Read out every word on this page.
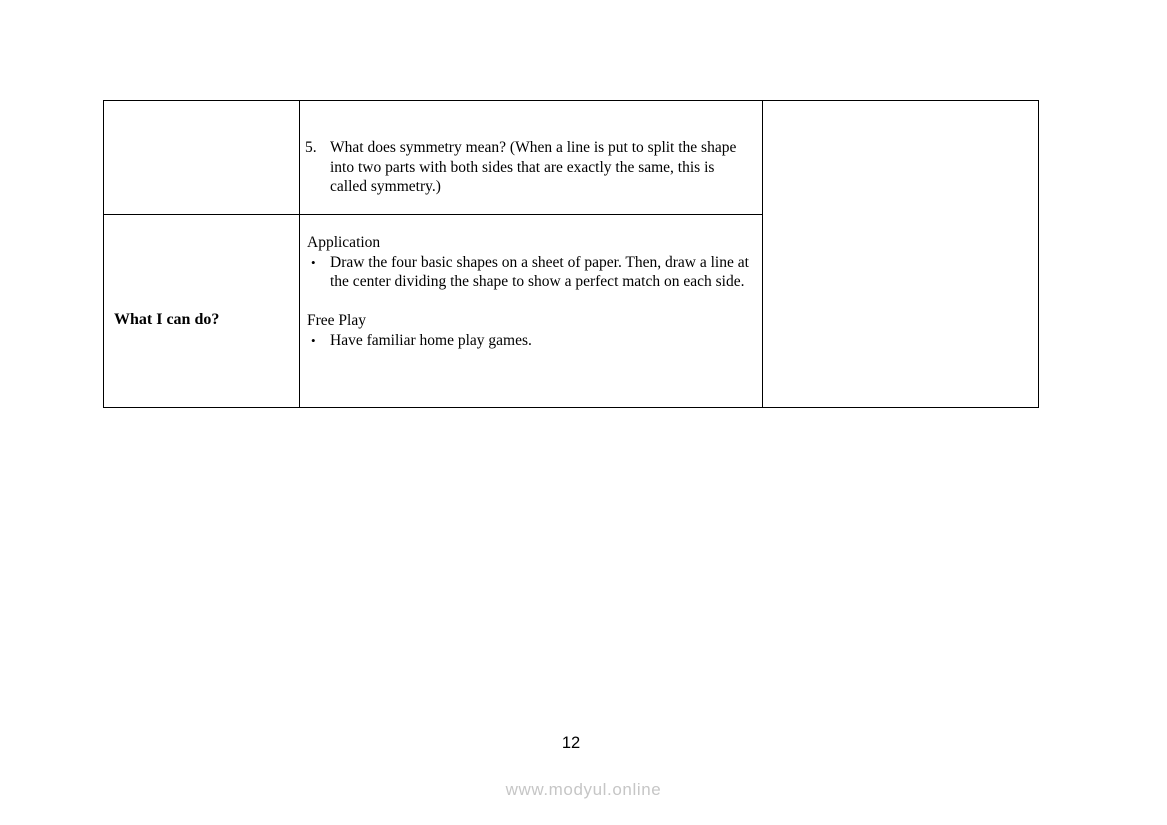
5. What does symmetry mean? (When a line is put to split the shape into two parts with both sides that are exactly the same, this is called symmetry.)
What I can do?
Application
• Draw the four basic shapes on a sheet of paper. Then, draw a line at the center dividing the shape to show a perfect match on each side.
Free Play
• Have familiar home play games.
12
www.modyul.online
